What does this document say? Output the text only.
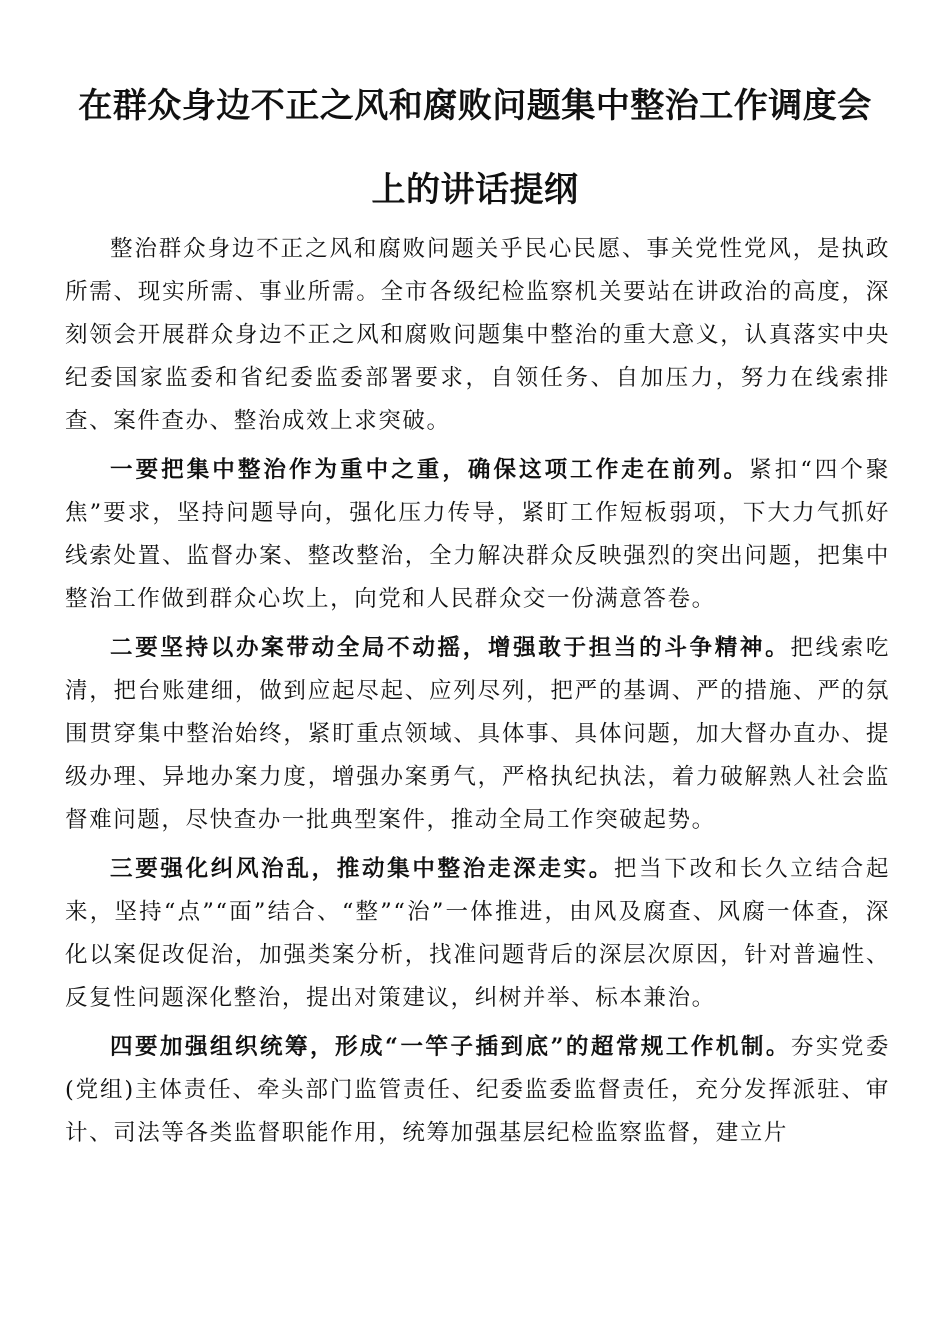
在群众身边不正之风和腐败问题集中整治工作调度会
上的讲话提纲

整治群众身边不正之风和腐败问题关乎民心民愿、事关党性党风，是执政所需、现实所需、事业所需。全市各级纪检监察机关要站在讲政治的高度，深刻领会开展群众身边不正之风和腐败问题集中整治的重大意义，认真落实中央纪委国家监委和省纪委监委部署要求，自领任务、自加压力，努力在线索排查、案件查办、整治成效上求突破。

一要把集中整治作为重中之重，确保这项工作走在前列。紧扣“四个聚焦”要求，坚持问题导向，强化压力传导，紧盯工作短板弱项，下大力气抓好线索处置、监督办案、整改整治，全力解决群众反映强烈的突出问题，把集中整治工作做到群众心坎上，向党和人民群众交一份满意答卷。

二要坚持以办案带动全局不动摇，增强敢于担当的斗争精神。把线索吃清，把台账建细，做到应起尽起、应列尽列，把严的基调、严的措施、严的氛围贯穿集中整治始终，紧盯重点领域、具体事、具体问题，加大督办直办、提级办理、异地办案力度，增强办案勇气，严格执纪执法，着力破解熟人社会监督难问题，尽快查办一批典型案件，推动全局工作突破起势。

三要强化纠风治乱，推动集中整治走深走实。把当下改和长久立结合起来，坚持“点”“面”结合、“整”“治”一体推进，由风及腐查、风腐一体查，深化以案促改促治，加强类案分析，找准问题背后的深层次原因，针对普遍性、反复性问题深化整治，提出对策建议，纠树并举、标本兼治。

四要加强组织统筹，形成“一竿子插到底”的超常规工作机制。夯实党委(党组)主体责任、牵头部门监管责任、纪委监委监督责任，充分发挥派驻、审计、司法等各类监督职能作用，统筹加强基层纪检监察监督，建立片
